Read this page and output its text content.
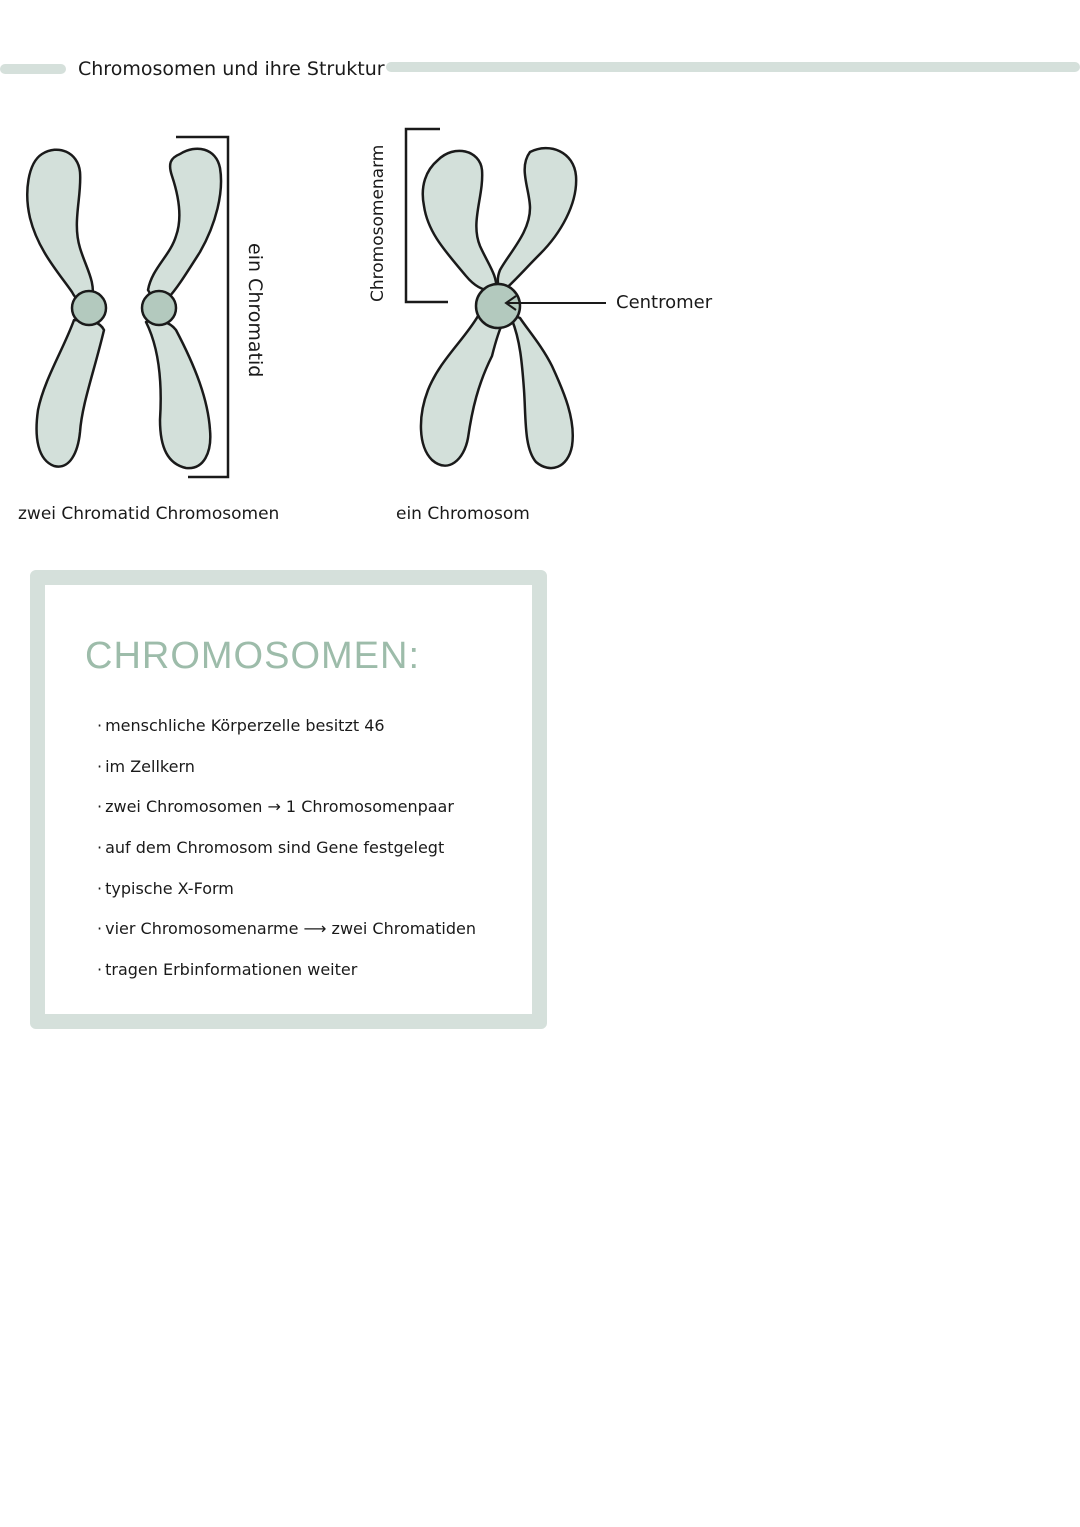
Chromosomen und ihre Struktur
ein Chromatid
Chromosomenarm
Centromer
zwei Chromatid Chromosomen	ein Chromosom
CHROMOSOMEN:
· menschliche Körperzelle besitzt 46
· im Zellkern
· zwei Chromosomen → 1 Chromosomenpaar
· auf dem Chromosom sind Gene festgelegt
· typische X-Form
· vier Chromosomenarme ⟶ zwei Chromatiden
· tragen Erbinformationen weiter
